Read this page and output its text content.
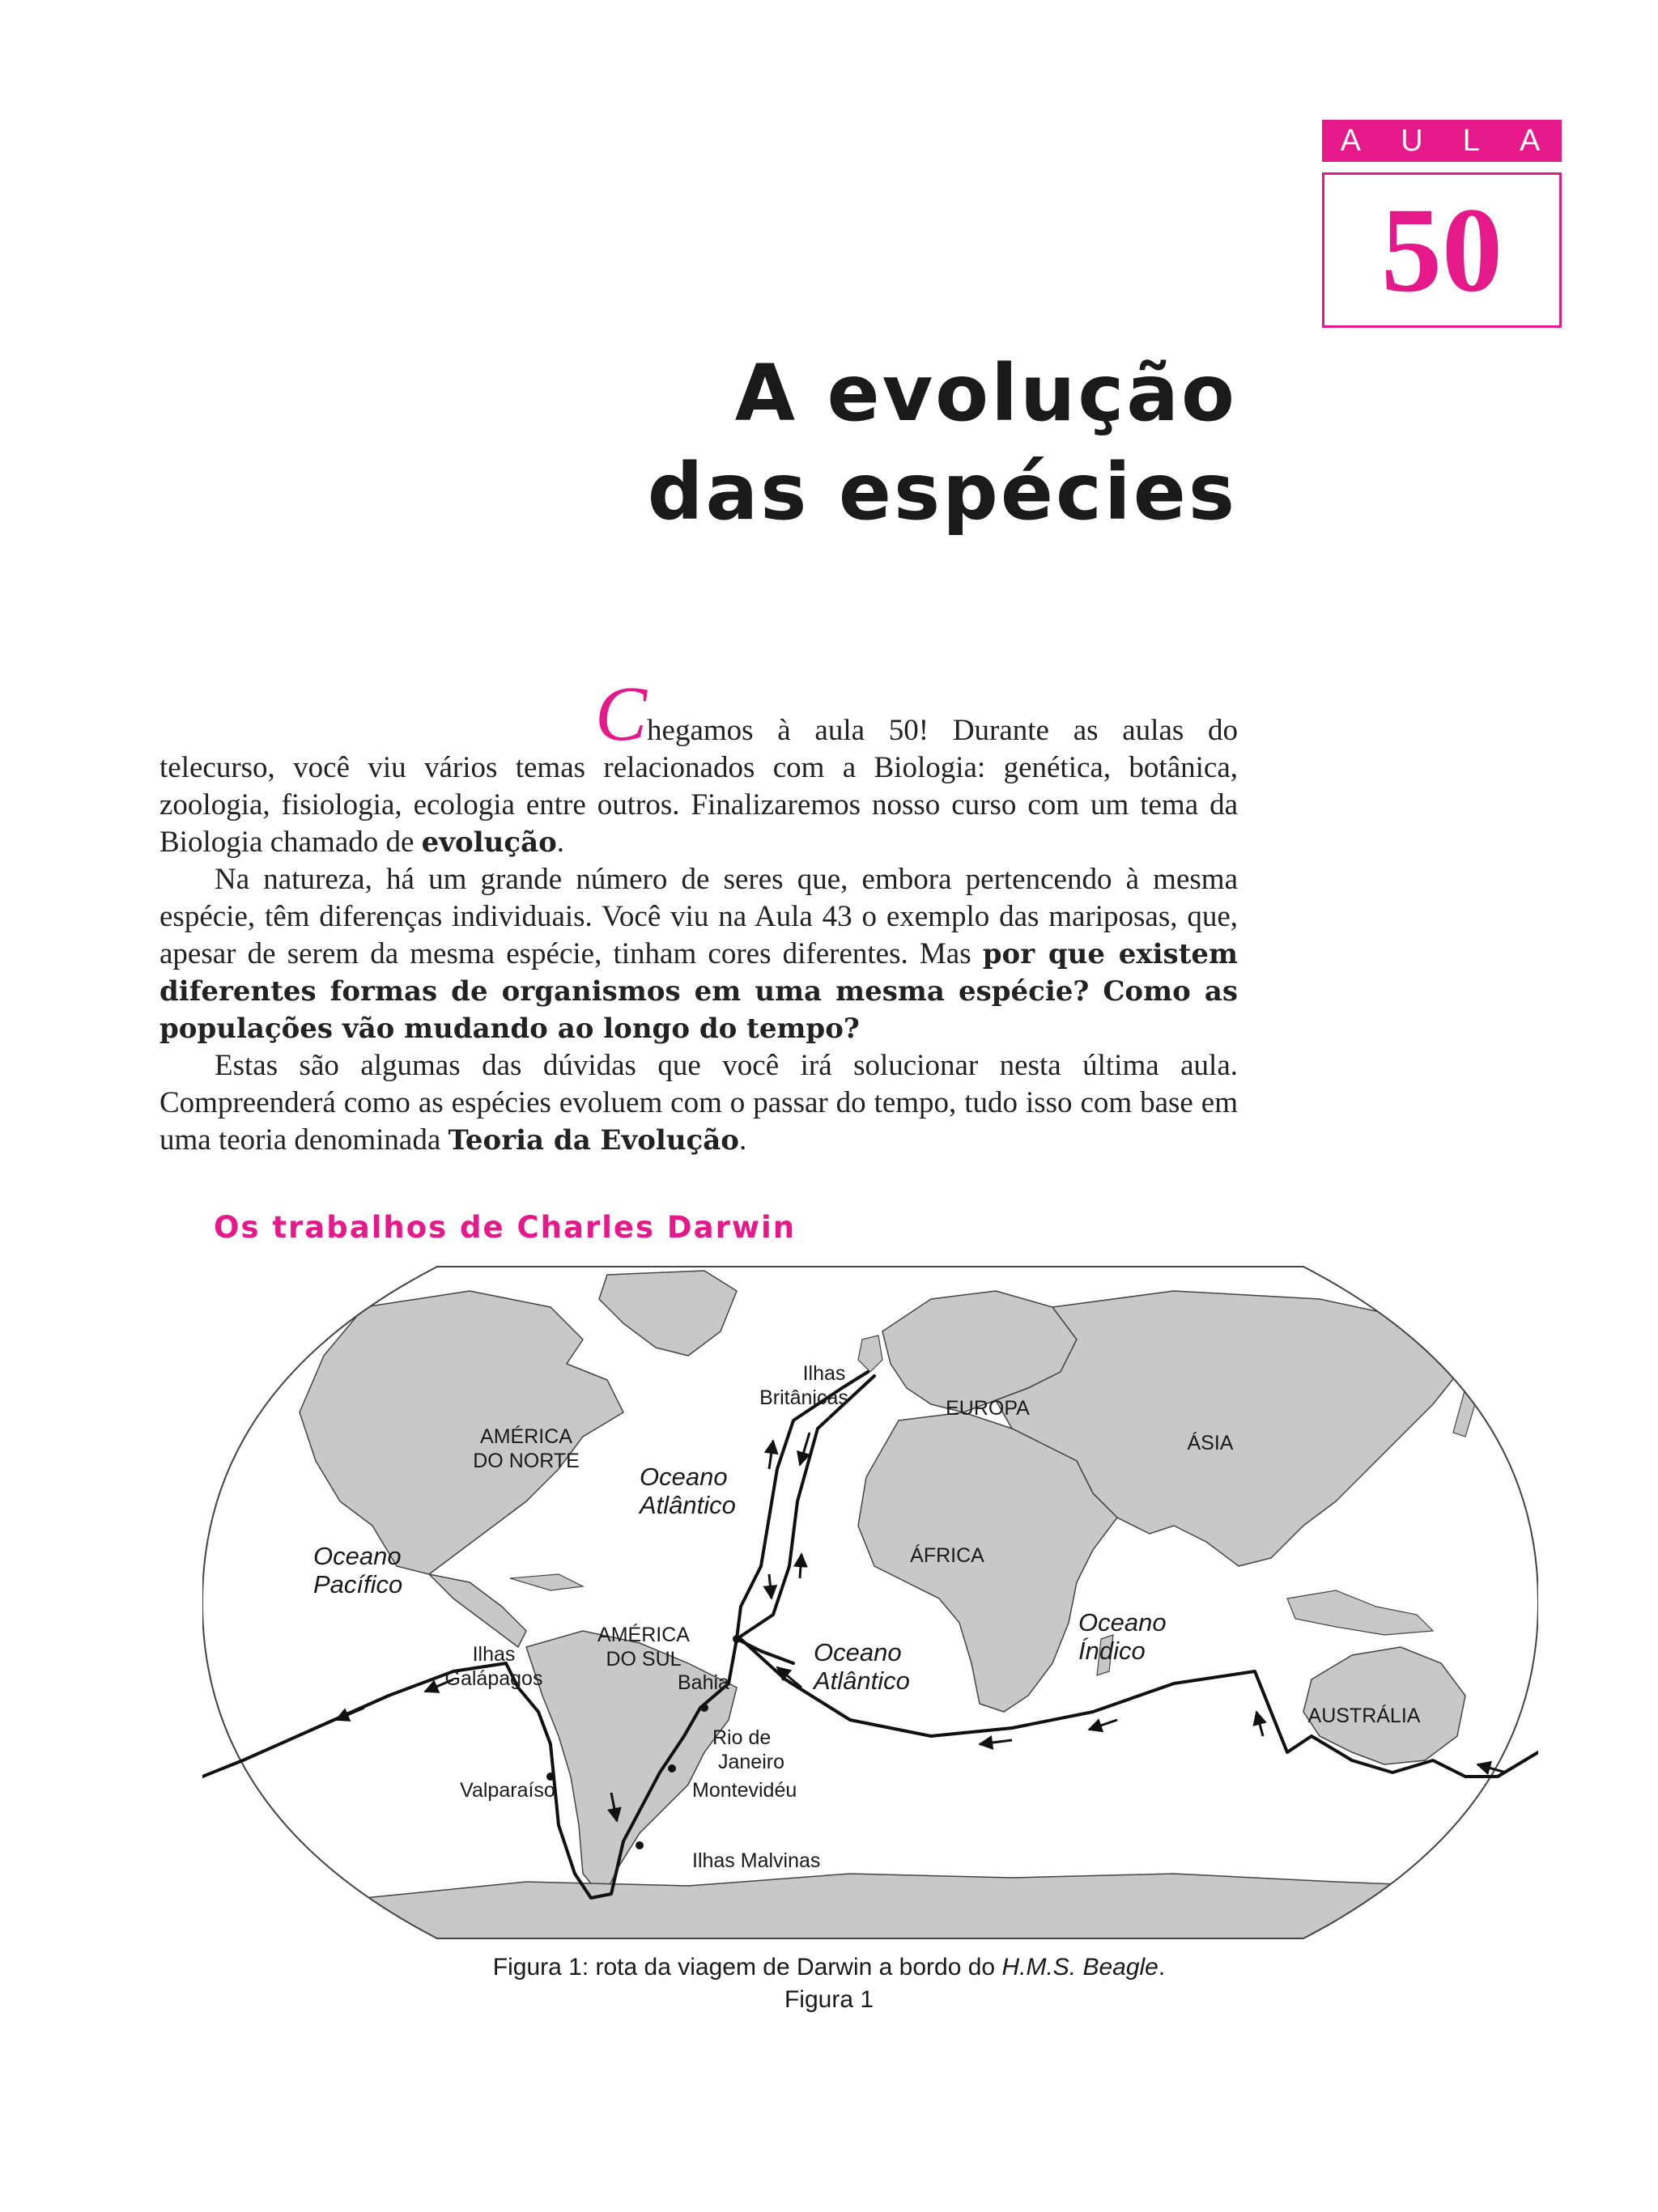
A U L A
50
A evolução
das espécies

Chegamos à aula 50! Durante as aulas do telecurso, você viu vários temas relacionados com a Biologia: genética, botânica, zoologia, fisiologia, ecologia entre outros. Finalizaremos nosso curso com um tema da Biologia chamado de evolução.

Na natureza, há um grande número de seres que, embora pertencendo à mesma espécie, têm diferenças individuais. Você viu na Aula 43 o exemplo das mariposas, que, apesar de serem da mesma espécie, tinham cores diferentes. Mas por que existem diferentes formas de organismos em uma mesma espécie? Como as populações vão mudando ao longo do tempo?

Estas são algumas das dúvidas que você irá solucionar nesta última aula. Compreenderá como as espécies evoluem com o passar do tempo, tudo isso com base em uma teoria denominada Teoria da Evolução.

Os trabalhos de Charles Darwin
AMÉRICA
DO NORTE
AMÉRICA
DO SUL
EUROPA
ÁSIA
ÁFRICA
AUSTRÁLIA
Oceano
Pacífico
Oceano
Atlântico
Oceano
Atlântico
Oceano
Índico
Ilhas
Britânicas
Ilhas
Galápagos	Bahia
Rio de
Janeiro
Montevidéu
Valparaíso
Ilhas Malvinas
Figura 1: rota da viagem de Darwin a bordo do H.M.S. Beagle.
Figura 1
